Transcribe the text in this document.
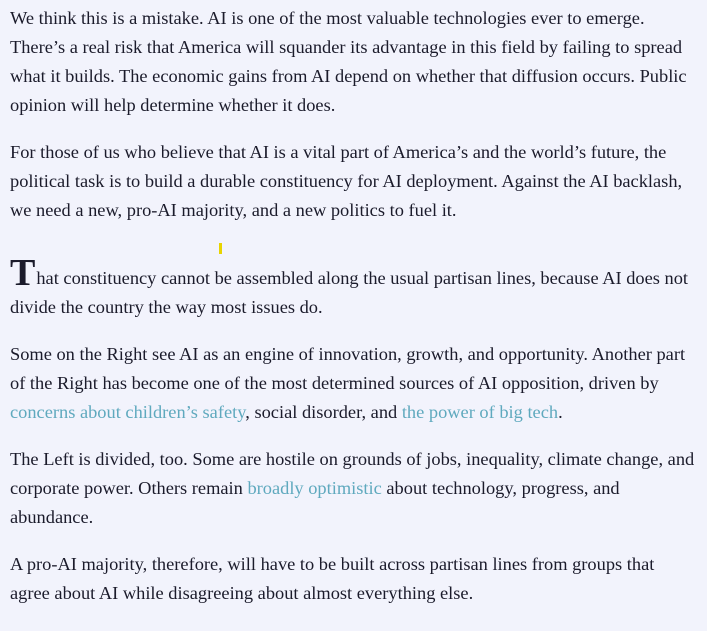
We think this is a mistake. AI is one of the most valuable technologies ever to emerge. There’s a real risk that America will squander its advantage in this field by failing to spread what it builds. The economic gains from AI depend on whether that diffusion occurs. Public opinion will help determine whether it does.

For those of us who believe that AI is a vital part of America’s and the world’s future, the political task is to build a durable constituency for AI deployment. Against the AI backlash, we need a new, pro-AI majority, and a new politics to fuel it.

That constituency cannot be assembled along the usual partisan lines, because AI does not divide the country the way most issues do.

Some on the Right see AI as an engine of innovation, growth, and opportunity. Another part of the Right has become one of the most determined sources of AI opposition, driven by concerns about children’s safety, social disorder, and the power of big tech.

The Left is divided, too. Some are hostile on grounds of jobs, inequality, climate change, and corporate power. Others remain broadly optimistic about technology, progress, and abundance.

A pro-AI majority, therefore, will have to be built across partisan lines from groups that agree about AI while disagreeing about almost everything else.
